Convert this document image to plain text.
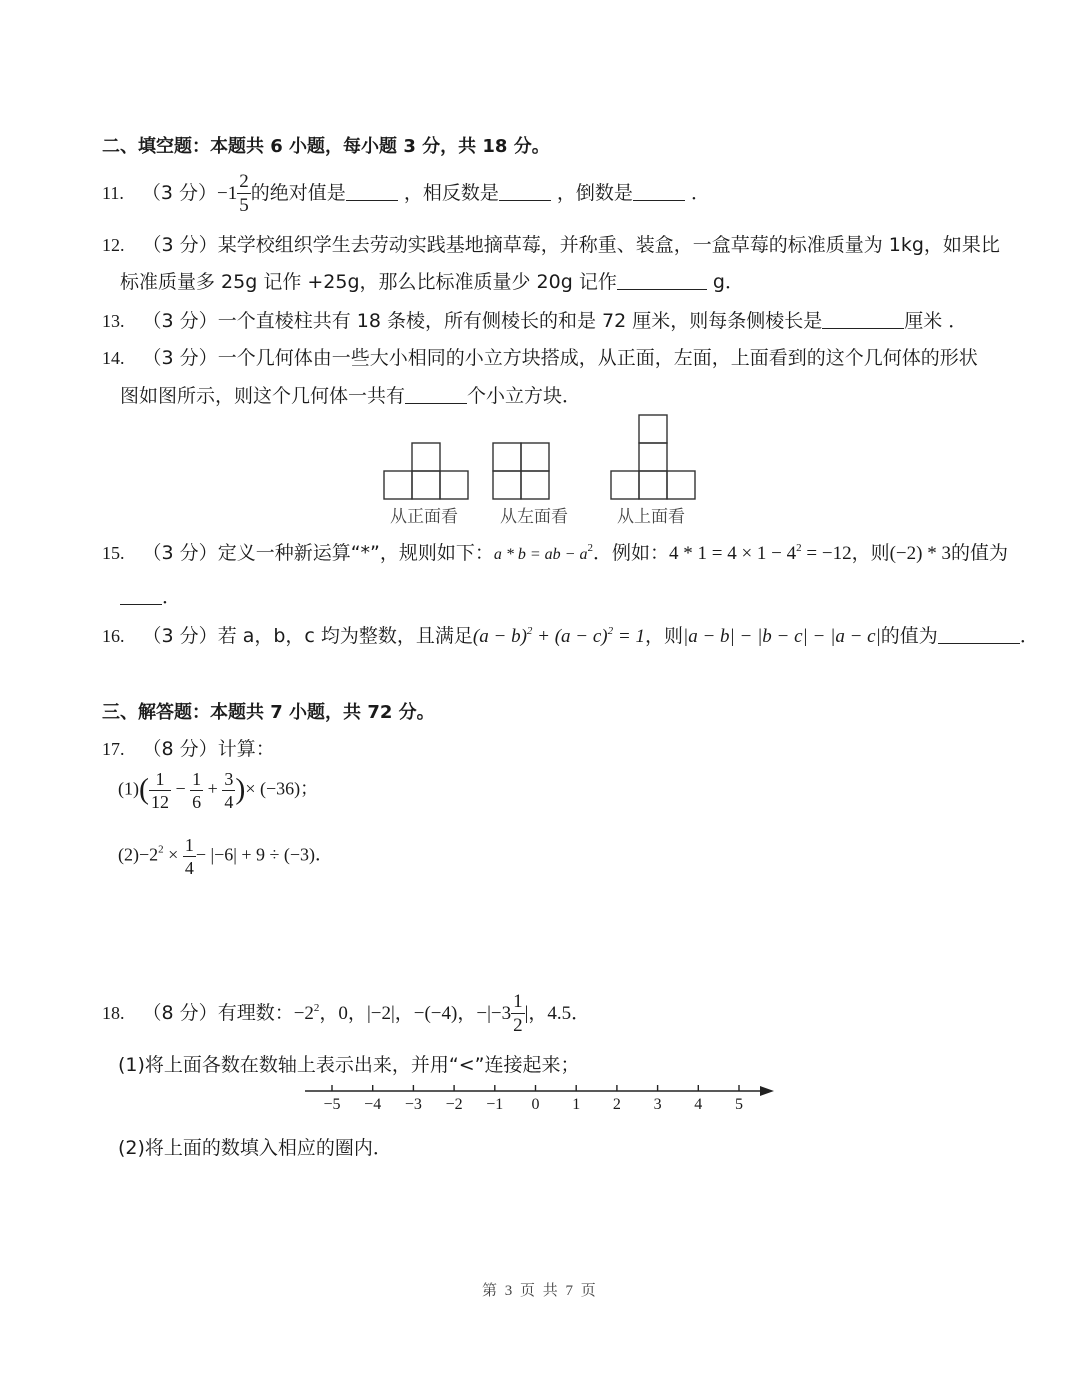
二、填空题：本题共 6 小题，每小题 3 分，共 18 分。
11. （3 分）$-1 \frac{2}{5}$ 的绝对值是	，相反数是	，倒数是	．
12. （3 分）某学校组织学生去劳动实践基地摘草莓，并称重、装盒，一盒草莓的标准质量为 1kg，如果比
标准质量多 25g 记作 +25g，那么比标准质量少 20g 记作	g．
13. （3 分）一个直棱柱共有 18 条棱，所有侧棱长的和是 72 厘米，则每条侧棱长是	厘米 ．
14. （3 分）一个几何体由一些大小相同的小立方块搭成，从正面，左面，上面看到的这个几何体的形状
图如图所示，则这个几何体一共有	个小立方块．
从正面看 从左面看	从上面看
15. （3 分）定义一种新运算“*”，规则如下：a * b = ab − $a^2$．例如：$4 * 1 = 4 \times 1 - 4^2 = -12$，则(−2) * 3的值为
．
16. （3 分）若 a，b，c 均为整数，且满足$(a - b)^2 + (a - c)^2 = 1$，则|a − b| − |b − c| − |a − c|的值为	．
三、解答题：本题共 7 小题，共 72 分。
17. （8 分）计算：
$(1)( \frac{1}{12} - \frac{1}{6} + \frac{3}{4}$ )× (−36)；
$(2)-2^2 \times \frac{1}{4} - |-6| + 9 \div (-3)$．
18. （8 分）有理数：$-2^2$，0，|−2|，−(−4)，$-|-3 \frac{1}{2}$ |，4.5．
(1)将上面各数在数轴上表示出来，并用“<”连接起来；
−5 −4 −3 −2 −1	0	1	2	3	4	5
(2)将上面的数填入相应的圈内．
第 3 页 共 7 页
